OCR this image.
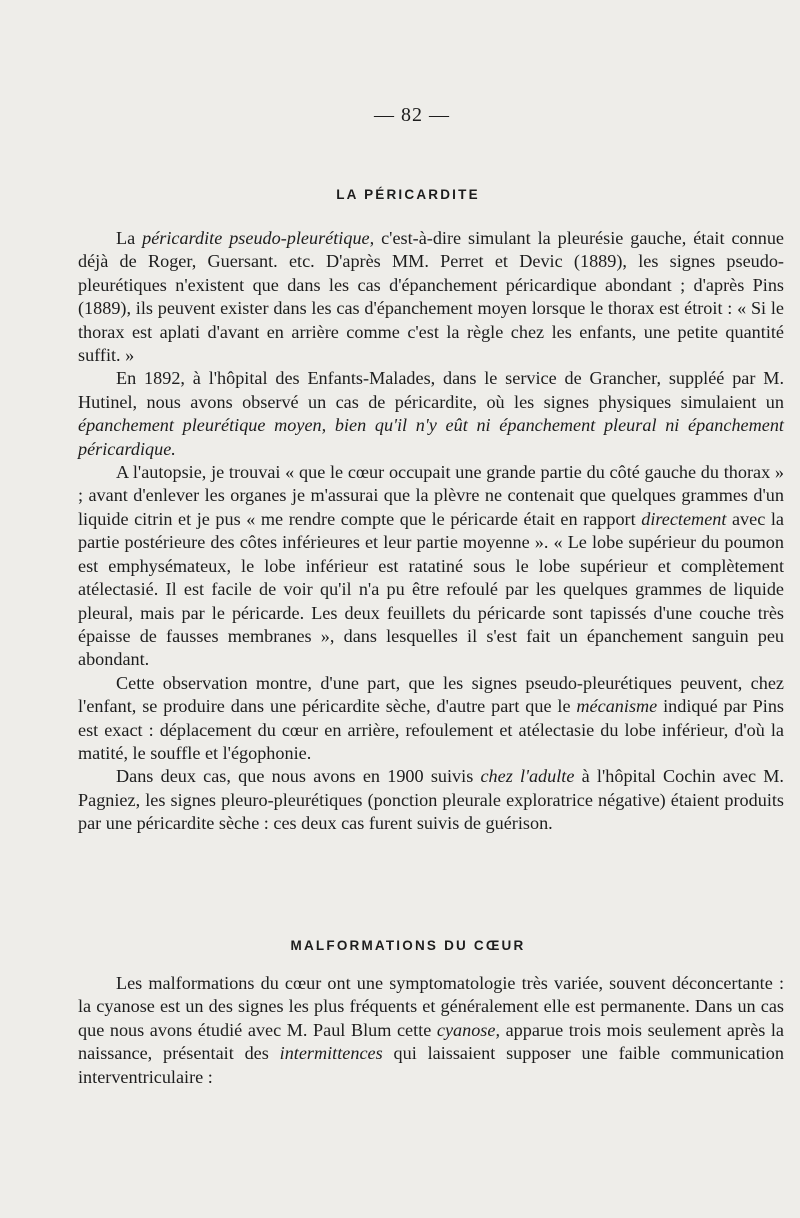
— 82 —
LA PÉRICARDITE

La péricardite pseudo-pleurétique, c'est-à-dire simulant la pleurésie gauche, était connue déjà de Roger, Guersant. etc. D'après MM. Perret et Devic (1889), les signes pseudo-pleurétiques n'existent que dans les cas d'épanchement péricardique abondant ; d'après Pins (1889), ils peuvent exister dans les cas d'épanchement moyen lorsque le thorax est étroit : « Si le thorax est aplati d'avant en arrière comme c'est la règle chez les enfants, une petite quantité suffit. »

En 1892, à l'hôpital des Enfants-Malades, dans le service de Grancher, suppléé par M. Hutinel, nous avons observé un cas de péricardite, où les signes physiques simulaient un épanchement pleurétique moyen, bien qu'il n'y eût ni épanchement pleural ni épanchement péricardique.

A l'autopsie, je trouvai « que le cœur occupait une grande partie du côté gauche du thorax » ; avant d'enlever les organes je m'assurai que la plèvre ne contenait que quelques grammes d'un liquide citrin et je pus « me rendre compte que le péricarde était en rapport directement avec la partie postérieure des côtes inférieures et leur partie moyenne ». « Le lobe supérieur du poumon est emphysémateux, le lobe inférieur est ratatiné sous le lobe supérieur et complètement atélectasié. Il est facile de voir qu'il n'a pu être refoulé par les quelques grammes de liquide pleural, mais par le péricarde. Les deux feuillets du péricarde sont tapissés d'une couche très épaisse de fausses membranes », dans lesquelles il s'est fait un épanchement sanguin peu abondant.

Cette observation montre, d'une part, que les signes pseudo-pleurétiques peuvent, chez l'enfant, se produire dans une péricardite sèche, d'autre part que le mécanisme indiqué par Pins est exact : déplacement du cœur en arrière, refoulement et atélectasie du lobe inférieur, d'où la matité, le souffle et l'égophonie.

Dans deux cas, que nous avons en 1900 suivis chez l'adulte à l'hôpital Cochin avec M. Pagniez, les signes pleuro-pleurétiques (ponction pleurale exploratrice négative) étaient produits par une péricardite sèche : ces deux cas furent suivis de guérison.

MALFORMATIONS DU CŒUR

Les malformations du cœur ont une symptomatologie très variée, souvent déconcertante : la cyanose est un des signes les plus fréquents et généralement elle est permanente. Dans un cas que nous avons étudié avec M. Paul Blum cette cyanose, apparue trois mois seulement après la naissance, présentait des intermittences qui laissaient supposer une faible communication interventriculaire :
